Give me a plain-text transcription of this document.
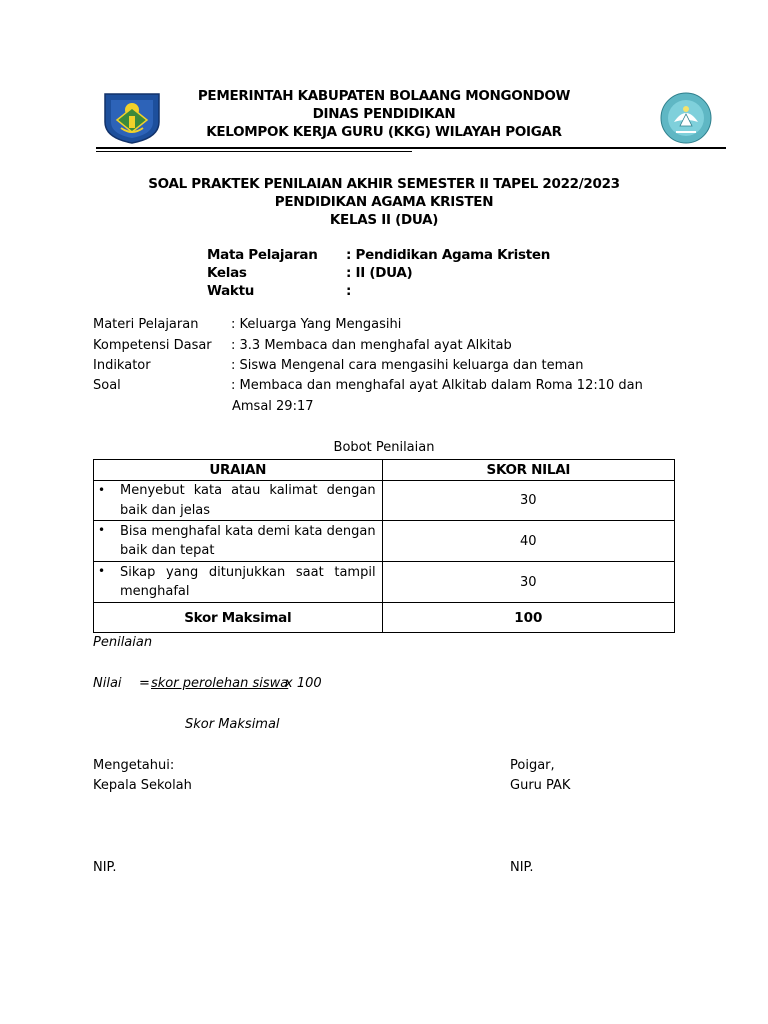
PEMERINTAH KABUPATEN BOLAANG MONGONDOW
DINAS PENDIDIKAN
KELOMPOK KERJA GURU (KKG) WILAYAH POIGAR
SOAL PRAKTEK PENILAIAN AKHIR SEMESTER II TAPEL 2022/2023
PENDIDIKAN AGAMA KRISTEN
KELAS II (DUA)
Mata Pelajaran : Pendidikan Agama Kristen
Kelas	: II (DUA)
Waktu	:
Materi Pelajaran	: Keluarga Yang Mengasihi
Kompetensi Dasar : 3.3 Membaca dan menghafal ayat Alkitab
Indikator	: Siswa Mengenal cara mengasihi keluarga dan teman
Soal	: Membaca dan menghafal ayat Alkitab dalam Roma 12:10 dan
Amsal 29:17
Bobot Penilaian
URAIAN	SKOR NILAI

• Menyebut kata atau kalimat dengan
baik dan jelas	30

• Bisa menghafal kata demi kata dengan
baik dan tepat	40

• Sikap yang ditunjukkan saat tampil
menghafal	30
Skor Maksimal	100
Penilaian
Nilai = skor perolehan siswa
x 100
Skor Maksimal
Mengetahui:
Kepala Sekolah
NIP.
Poigar,
Guru PAK
NIP.
